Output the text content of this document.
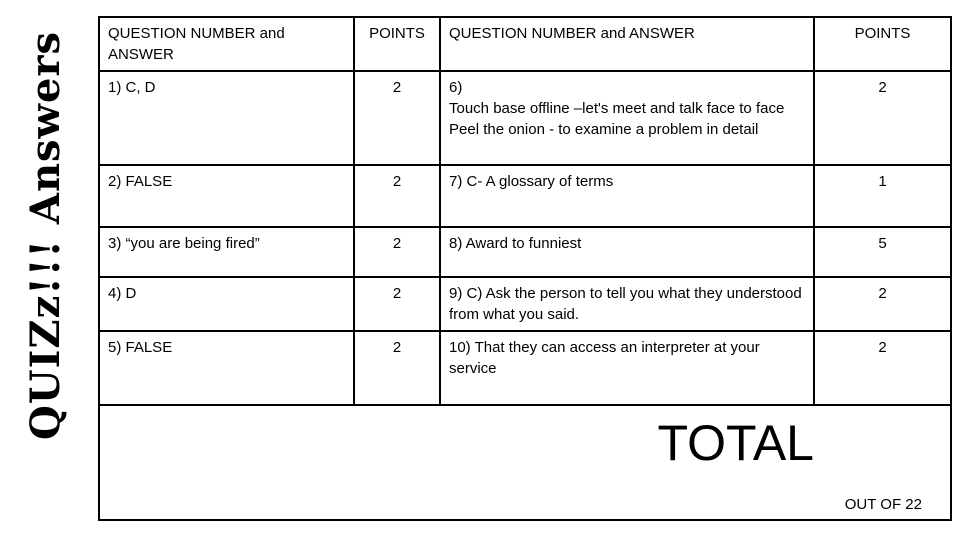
QUIZz!!! Answers	QUESTION NUMBER and ANSWER	POINTS	QUESTION NUMBER and ANSWER	POINTS
1) C, D	2	6)
Touch base offline –let's meet and talk face to face
Peel the onion - to examine a problem in detail	2
2) FALSE	2	7) C- A glossary of terms	1
3) “you are being fired”	2	8) Award to funniest	5
4) D	2	9) C) Ask the person to tell you what they understood from what you said.	2
5) FALSE	2	10) That they can access an interpreter at your service	2

TOTAL
OUT OF 22			
